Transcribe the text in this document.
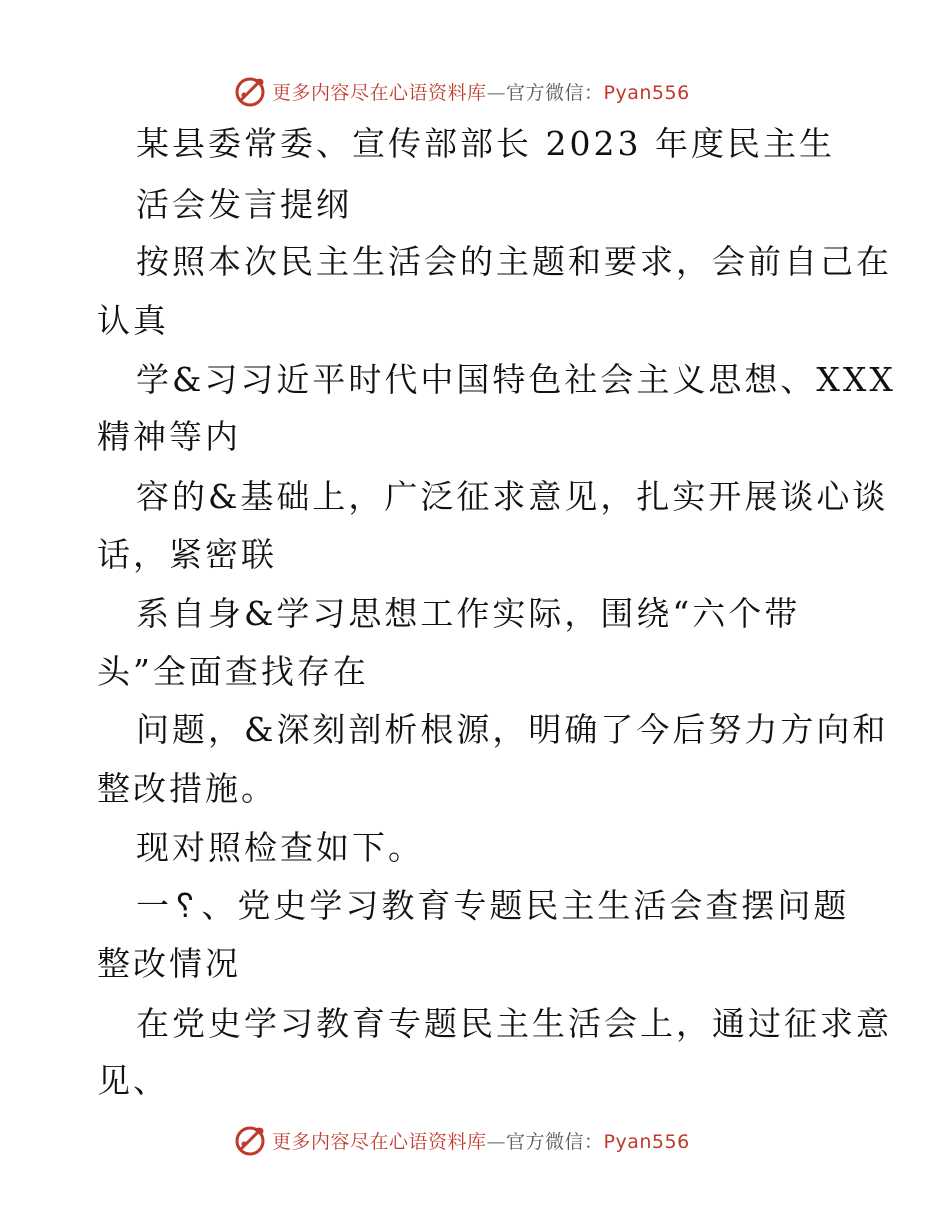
更多内容尽在心语资料库—官方微信：Pyan556
某县委常委、宣传部部长 2023 年度民主生
活会发言提纲
按照本次民主生活会的主题和要求，会前自己在
认真
学&习习近平时代中国特色社会主义思想、XXX
精神等内
容的&基础上，广泛征求意见，扎实开展谈心谈
话，紧密联
系自身&学习思想工作实际，围绕“六个带
头”全面查找存在
问题，&深刻剖析根源，明确了今后努力方向和
整改措施。
现对照检查如下。
一␦、党史学习教育专题民主生活会查摆问题
整改情况
在党史学习教育专题民主生活会上，通过征求意
见、
更多内容尽在心语资料库—官方微信：Pyan556
